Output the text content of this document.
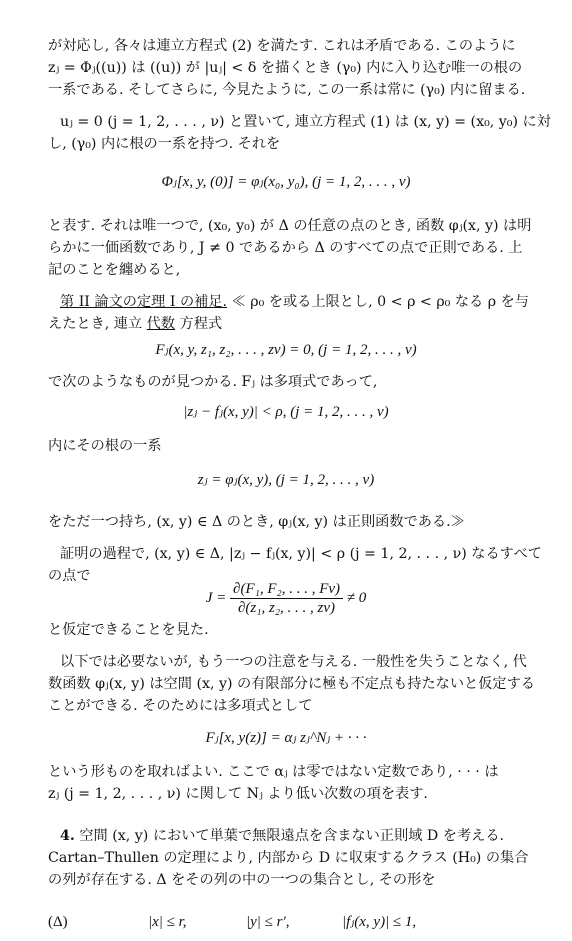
が対応し, 各々は連立方程式 (2) を満たす. これは矛盾である. このように
zⱼ = Φⱼ((u)) は ((u)) が |uⱼ| < δ を描くとき (γ₀) 内に入り込む唯一の根の
一系である. そしてさらに, 今見たように, この一系は常に (γ₀) 内に留まる.
uⱼ = 0 (j = 1, 2, . . . , ν) と置いて, 連立方程式 (1) は (x, y) = (x₀, y₀) に対
し, (γ₀) 内に根の一系を持つ. それを
と表す. それは唯一つで, (x₀, y₀) が Δ の任意の点のとき, 函数 φⱼ(x, y) は明
らかに一価函数であり, J ≠ 0 であるから Δ のすべての点で正則である. 上
記のことを纏めると,
で次のようなものが見つかる. Fⱼ は多項式であって,
内にその根の一系
をただ一つ持ち, (x, y) ∈ Δ のとき, φⱼ(x, y) は正則函数である.≫
証明の過程で, (x, y) ∈ Δ, |zⱼ − fⱼ(x, y)| < ρ (j = 1, 2, . . . , ν) なるすべて
の点で
と仮定できることを見た.
以下では必要ないが, もう一つの注意を与える. 一般性を失うことなく, 代
数函数 φⱼ(x, y) は空間 (x, y) の有限部分に極も不定点も持たないと仮定する
ことができる. そのためには多項式として
という形ものを取ればよい. ここで αⱼ は零ではない定数であり, · · · は
zⱼ (j = 1, 2, . . . , ν) に関して Nⱼ より低い次数の項を表す.
Cartan–Thullen の定理により, 内部から D に収束するクラス (H₀) の集合
の列が存在する. Δ をその列の中の一つの集合とし, その形を
Φⱼ[x, y, (0)] = φⱼ(x₀, y₀), (j = 1, 2, . . . , ν)
第 II 論文の定理 I の補足. ≪ ρ₀ を或る上限とし, 0 < ρ < ρ₀ なる ρ を与
えたとき, 連立 代数 方程式
Fⱼ(x, y, z₁, z₂, . . . , zν) = 0, (j = 1, 2, . . . , ν)
|zⱼ − fⱼ(x, y)| < ρ, (j = 1, 2, . . . , ν)
zⱼ = φⱼ(x, y), (j = 1, 2, . . . , ν)
$J = \frac{\text{∂(F₁, F₂, . . . , Fν)}}{\text{∂(z₁, z₂, . . . , zν)}} \ne 0$
Fⱼ[x, y(z)] = αⱼ zⱼ^Nⱼ + · · ·
4. 空間 (x, y) において単葉で無限遠点を含まない正則域 D を考える.
(Δ)	|x| ≤ r,	|y| ≤ r′,	|fⱼ(x, y)| ≤ 1,
